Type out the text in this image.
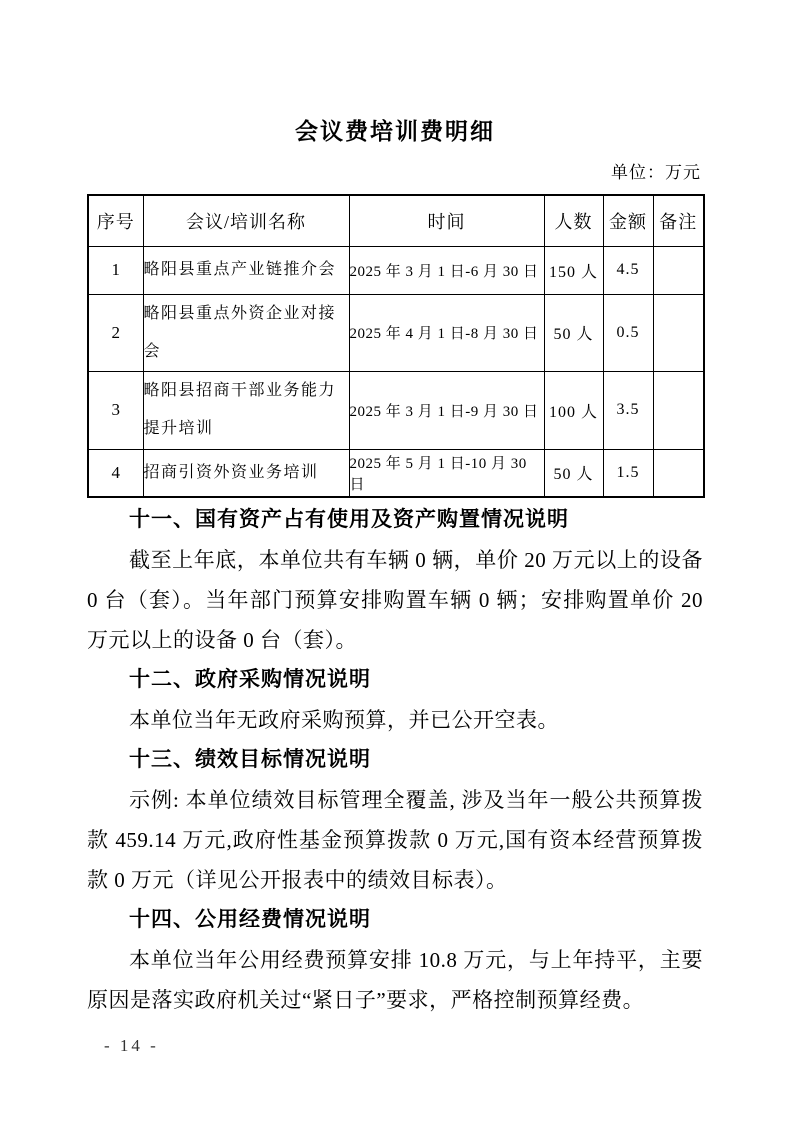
会议费培训费明细
单位：万元
序号	会议/培训名称	时间	人数	金额	备注
1	略阳县重点产业链推介会	2025 年 3 月 1 日-6 月 30 日	150 人	4.5	
2	略阳县重点外资企业对接会	2025 年 4 月 1 日-8 月 30 日	50 人	0.5	
3	略阳县招商干部业务能力提升培训	2025 年 3 月 1 日-9 月 30 日	100 人	3.5	
4	招商引资外资业务培训	2025 年 5 月 1 日-10 月 30 日	50 人	1.5	
十一、国有资产占有使用及资产购置情况说明
截至上年底，本单位共有车辆 0 辆，单价 20 万元以上的设备
0 台（套）。当年部门预算安排购置车辆 0 辆；安排购置单价 20
万元以上的设备 0 台（套）。
十二、政府采购情况说明
本单位当年无政府采购预算，并已公开空表。
十三、绩效目标情况说明
示例: 本单位绩效目标管理全覆盖, 涉及当年一般公共预算拨
款 459.14 万元,政府性基金预算拨款 0 万元,国有资本经营预算拨
款 0 万元（详见公开报表中的绩效目标表）。
十四、公用经费情况说明
本单位当年公用经费预算安排 10.8 万元，与上年持平，主要
原因是落实政府机关过“紧日子”要求，严格控制预算经费。
- 14 -
